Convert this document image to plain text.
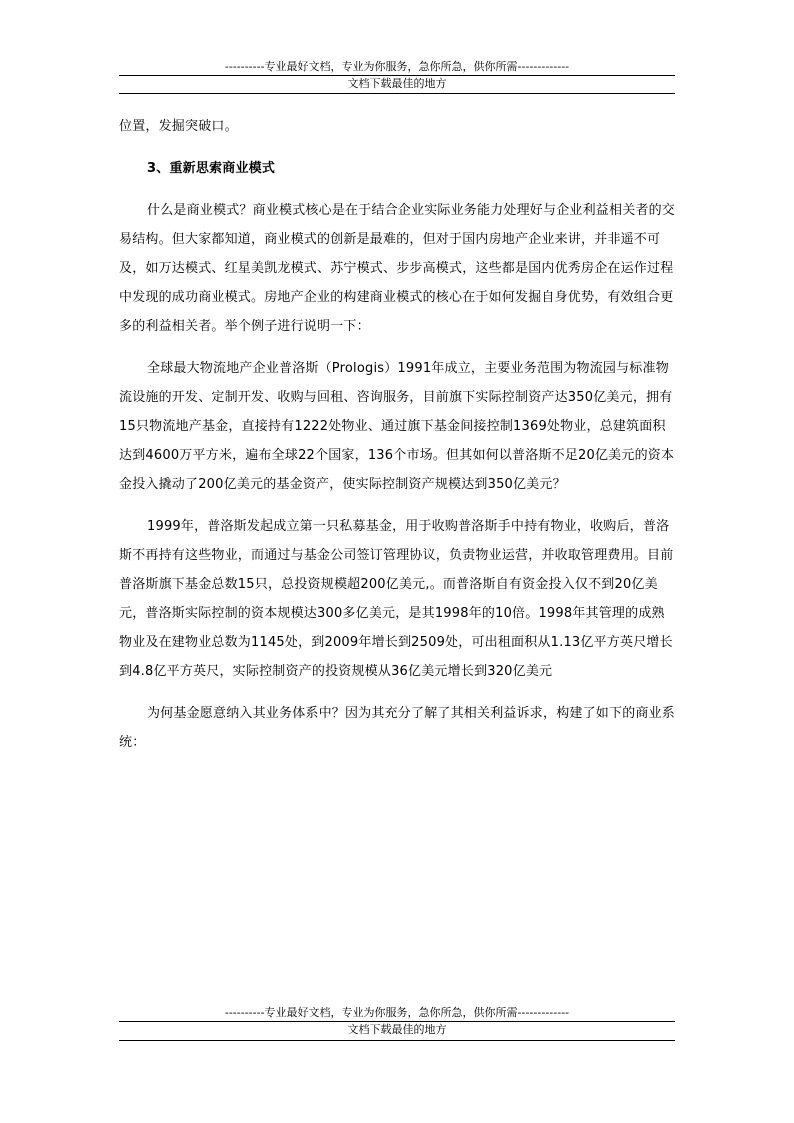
----------专业最好文档，专业为你服务，急你所急，供你所需-------------
文档下载最佳的地方

位置，发掘突破口。

3、重新思索商业模式

什么是商业模式？商业模式核心是在于结合企业实际业务能力处理好与企业利益相关者的交易结构。但大家都知道，商业模式的创新是最难的，但对于国内房地产企业来讲，并非遥不可及，如万达模式、红星美凯龙模式、苏宁模式、步步高模式，这些都是国内优秀房企在运作过程中发现的成功商业模式。房地产企业的构建商业模式的核心在于如何发掘自身优势，有效组合更多的利益相关者。举个例子进行说明一下：

全球最大物流地产企业普洛斯（Prologis）1991年成立，主要业务范围为物流园与标准物流设施的开发、定制开发、收购与回租、咨询服务，目前旗下实际控制资产达350亿美元，拥有15只物流地产基金，直接持有1222处物业、通过旗下基金间接控制1369处物业，总建筑面积达到4600万平方米，遍布全球22个国家，136个市场。但其如何以普洛斯不足20亿美元的资本金投入撬动了200亿美元的基金资产，使实际控制资产规模达到350亿美元？

1999年，普洛斯发起成立第一只私募基金，用于收购普洛斯手中持有物业，收购后，普洛斯不再持有这些物业，而通过与基金公司签订管理协议，负责物业运营，并收取管理费用。目前普洛斯旗下基金总数15只，总投资规模超200亿美元,。而普洛斯自有资金投入仅不到20亿美元，普洛斯实际控制的资本规模达300多亿美元，是其1998年的10倍。1998年其管理的成熟物业及在建物业总数为1145处，到2009年增长到2509处，可出租面积从1.13亿平方英尺增长到4.8亿平方英尺，实际控制资产的投资规模从36亿美元增长到320亿美元

为何基金愿意纳入其业务体系中？因为其充分了解了其相关利益诉求，构建了如下的商业系统：

----------专业最好文档，专业为你服务，急你所急，供你所需-------------
文档下载最佳的地方
